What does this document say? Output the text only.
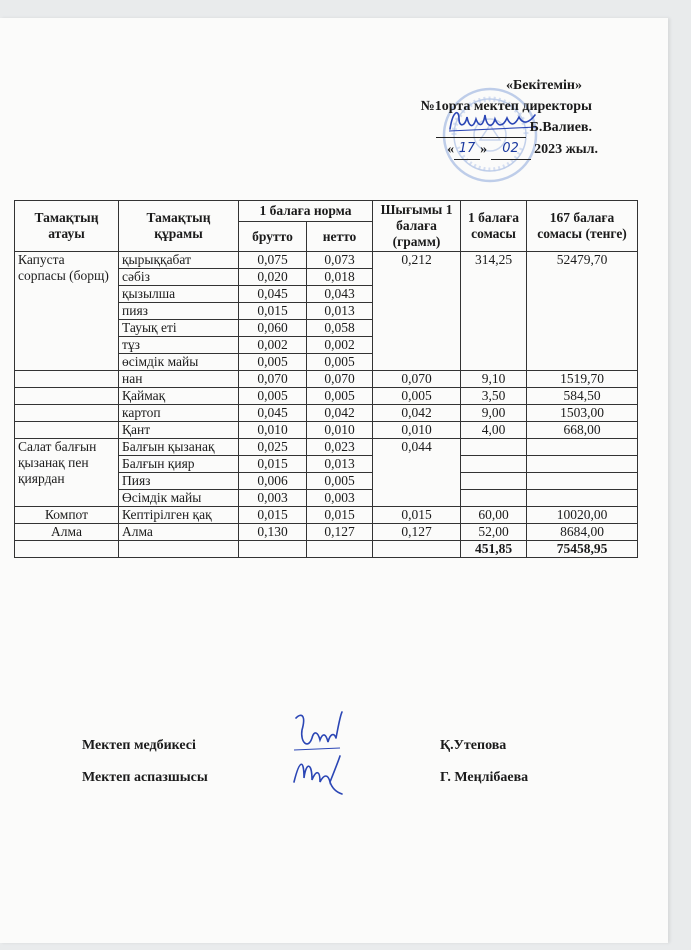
«Бекітемін»
№1орта мектеп директоры
Б.Валиев.
« 17 » 02 2023 жыл.
Тамақтың атауы	Тамақтың құрамы	1 балаға норма		Шығымы 1 балаға (грамм)	1 балаға сомасы	167 балаға сомасы (тенге)
		брутто	нетто			
Капуста сорпасы (борщ)	қырыққабат	0,075	0,073	0,212	314,25	52479,70
	сәбіз	0,020	0,018			
	қызылша	0,045	0,043			
	пияз	0,015	0,013			
	Тауық еті	0,060	0,058			
	тұз	0,002	0,002			
	өсімдік майы	0,005	0,005			
	нан	0,070	0,070	0,070	9,10	1519,70
	Қаймақ	0,005	0,005	0,005	3,50	584,50
	картоп	0,045	0,042	0,042	9,00	1503,00
	Қант	0,010	0,010	0,010	4,00	668,00
Салат балғын қызанақ пен қиярдан	Балғын қызанақ	0,025	0,023	0,044		
	Балғын қияр	0,015	0,013			
	Пияз	0,006	0,005			
	Өсімдік майы	0,003	0,003			
Компот	Кептірілген қақ	0,015	0,015	0,015	60,00	10020,00
Алма	Алма	0,130	0,127	0,127	52,00	8684,00
					451,85	75458,95
Мектеп медбикесі	Қ.Утепова
Мектеп аспазшысы	Г. Меңлібаева
